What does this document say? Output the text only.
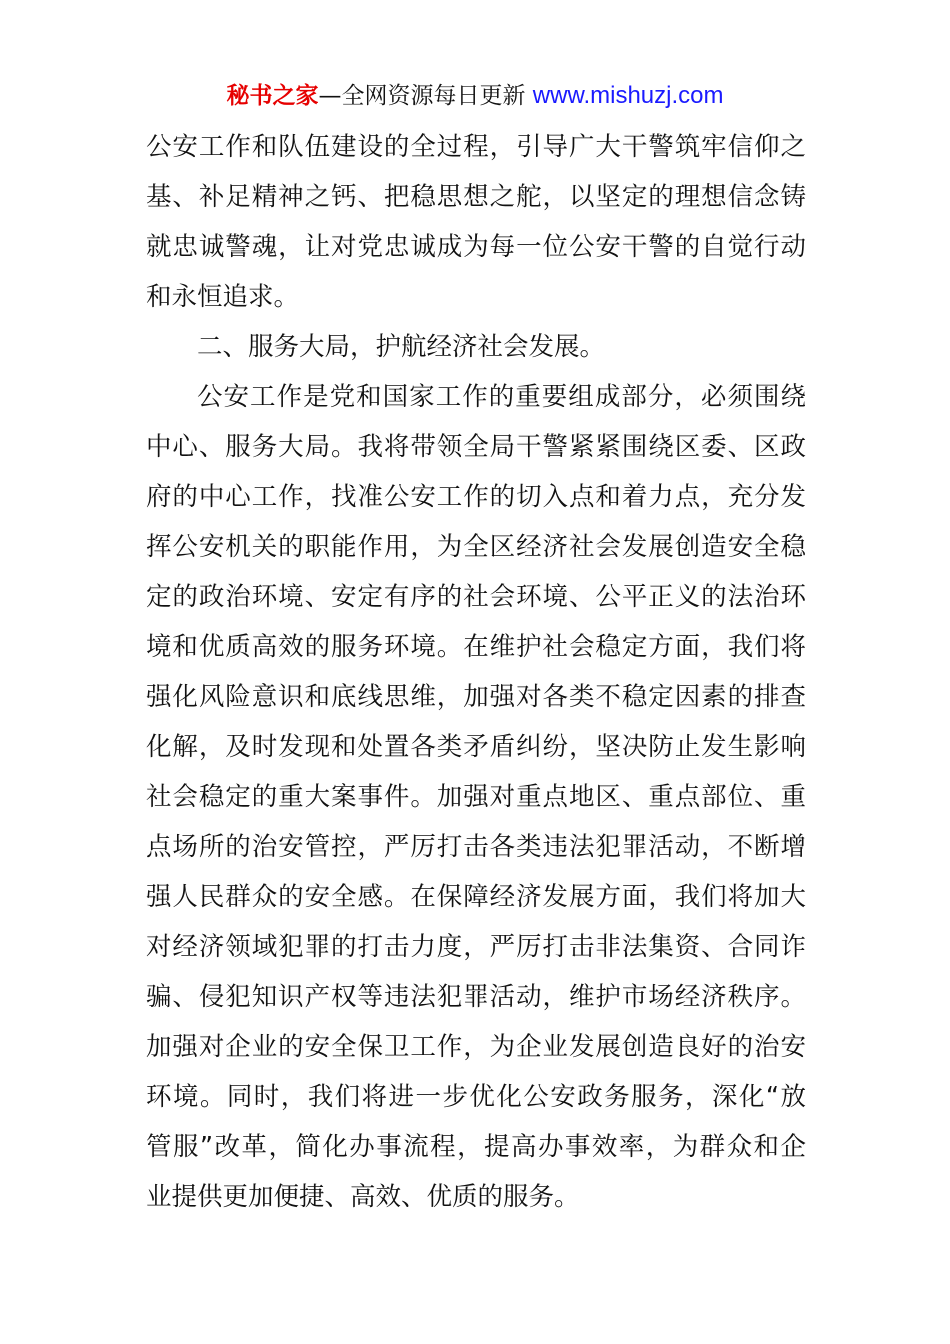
秘书之家—全网资源每日更新 www.mishuzj.com
公安工作和队伍建设的全过程，引导广大干警筑牢信仰之
基、补足精神之钙、把稳思想之舵，以坚定的理想信念铸
就忠诚警魂，让对党忠诚成为每一位公安干警的自觉行动
和永恒追求。
二、服务大局，护航经济社会发展。
公安工作是党和国家工作的重要组成部分，必须围绕
中心、服务大局。我将带领全局干警紧紧围绕区委、区政
府的中心工作，找准公安工作的切入点和着力点，充分发
挥公安机关的职能作用，为全区经济社会发展创造安全稳
定的政治环境、安定有序的社会环境、公平正义的法治环
境和优质高效的服务环境。在维护社会稳定方面，我们将
强化风险意识和底线思维，加强对各类不稳定因素的排查
化解，及时发现和处置各类矛盾纠纷，坚决防止发生影响
社会稳定的重大案事件。加强对重点地区、重点部位、重
点场所的治安管控，严厉打击各类违法犯罪活动，不断增
强人民群众的安全感。在保障经济发展方面，我们将加大
对经济领域犯罪的打击力度，严厉打击非法集资、合同诈
骗、侵犯知识产权等违法犯罪活动，维护市场经济秩序。
加强对企业的安全保卫工作，为企业发展创造良好的治安
环境。同时，我们将进一步优化公安政务服务，深化“放
管服”改革，简化办事流程，提高办事效率，为群众和企
业提供更加便捷、高效、优质的服务。
